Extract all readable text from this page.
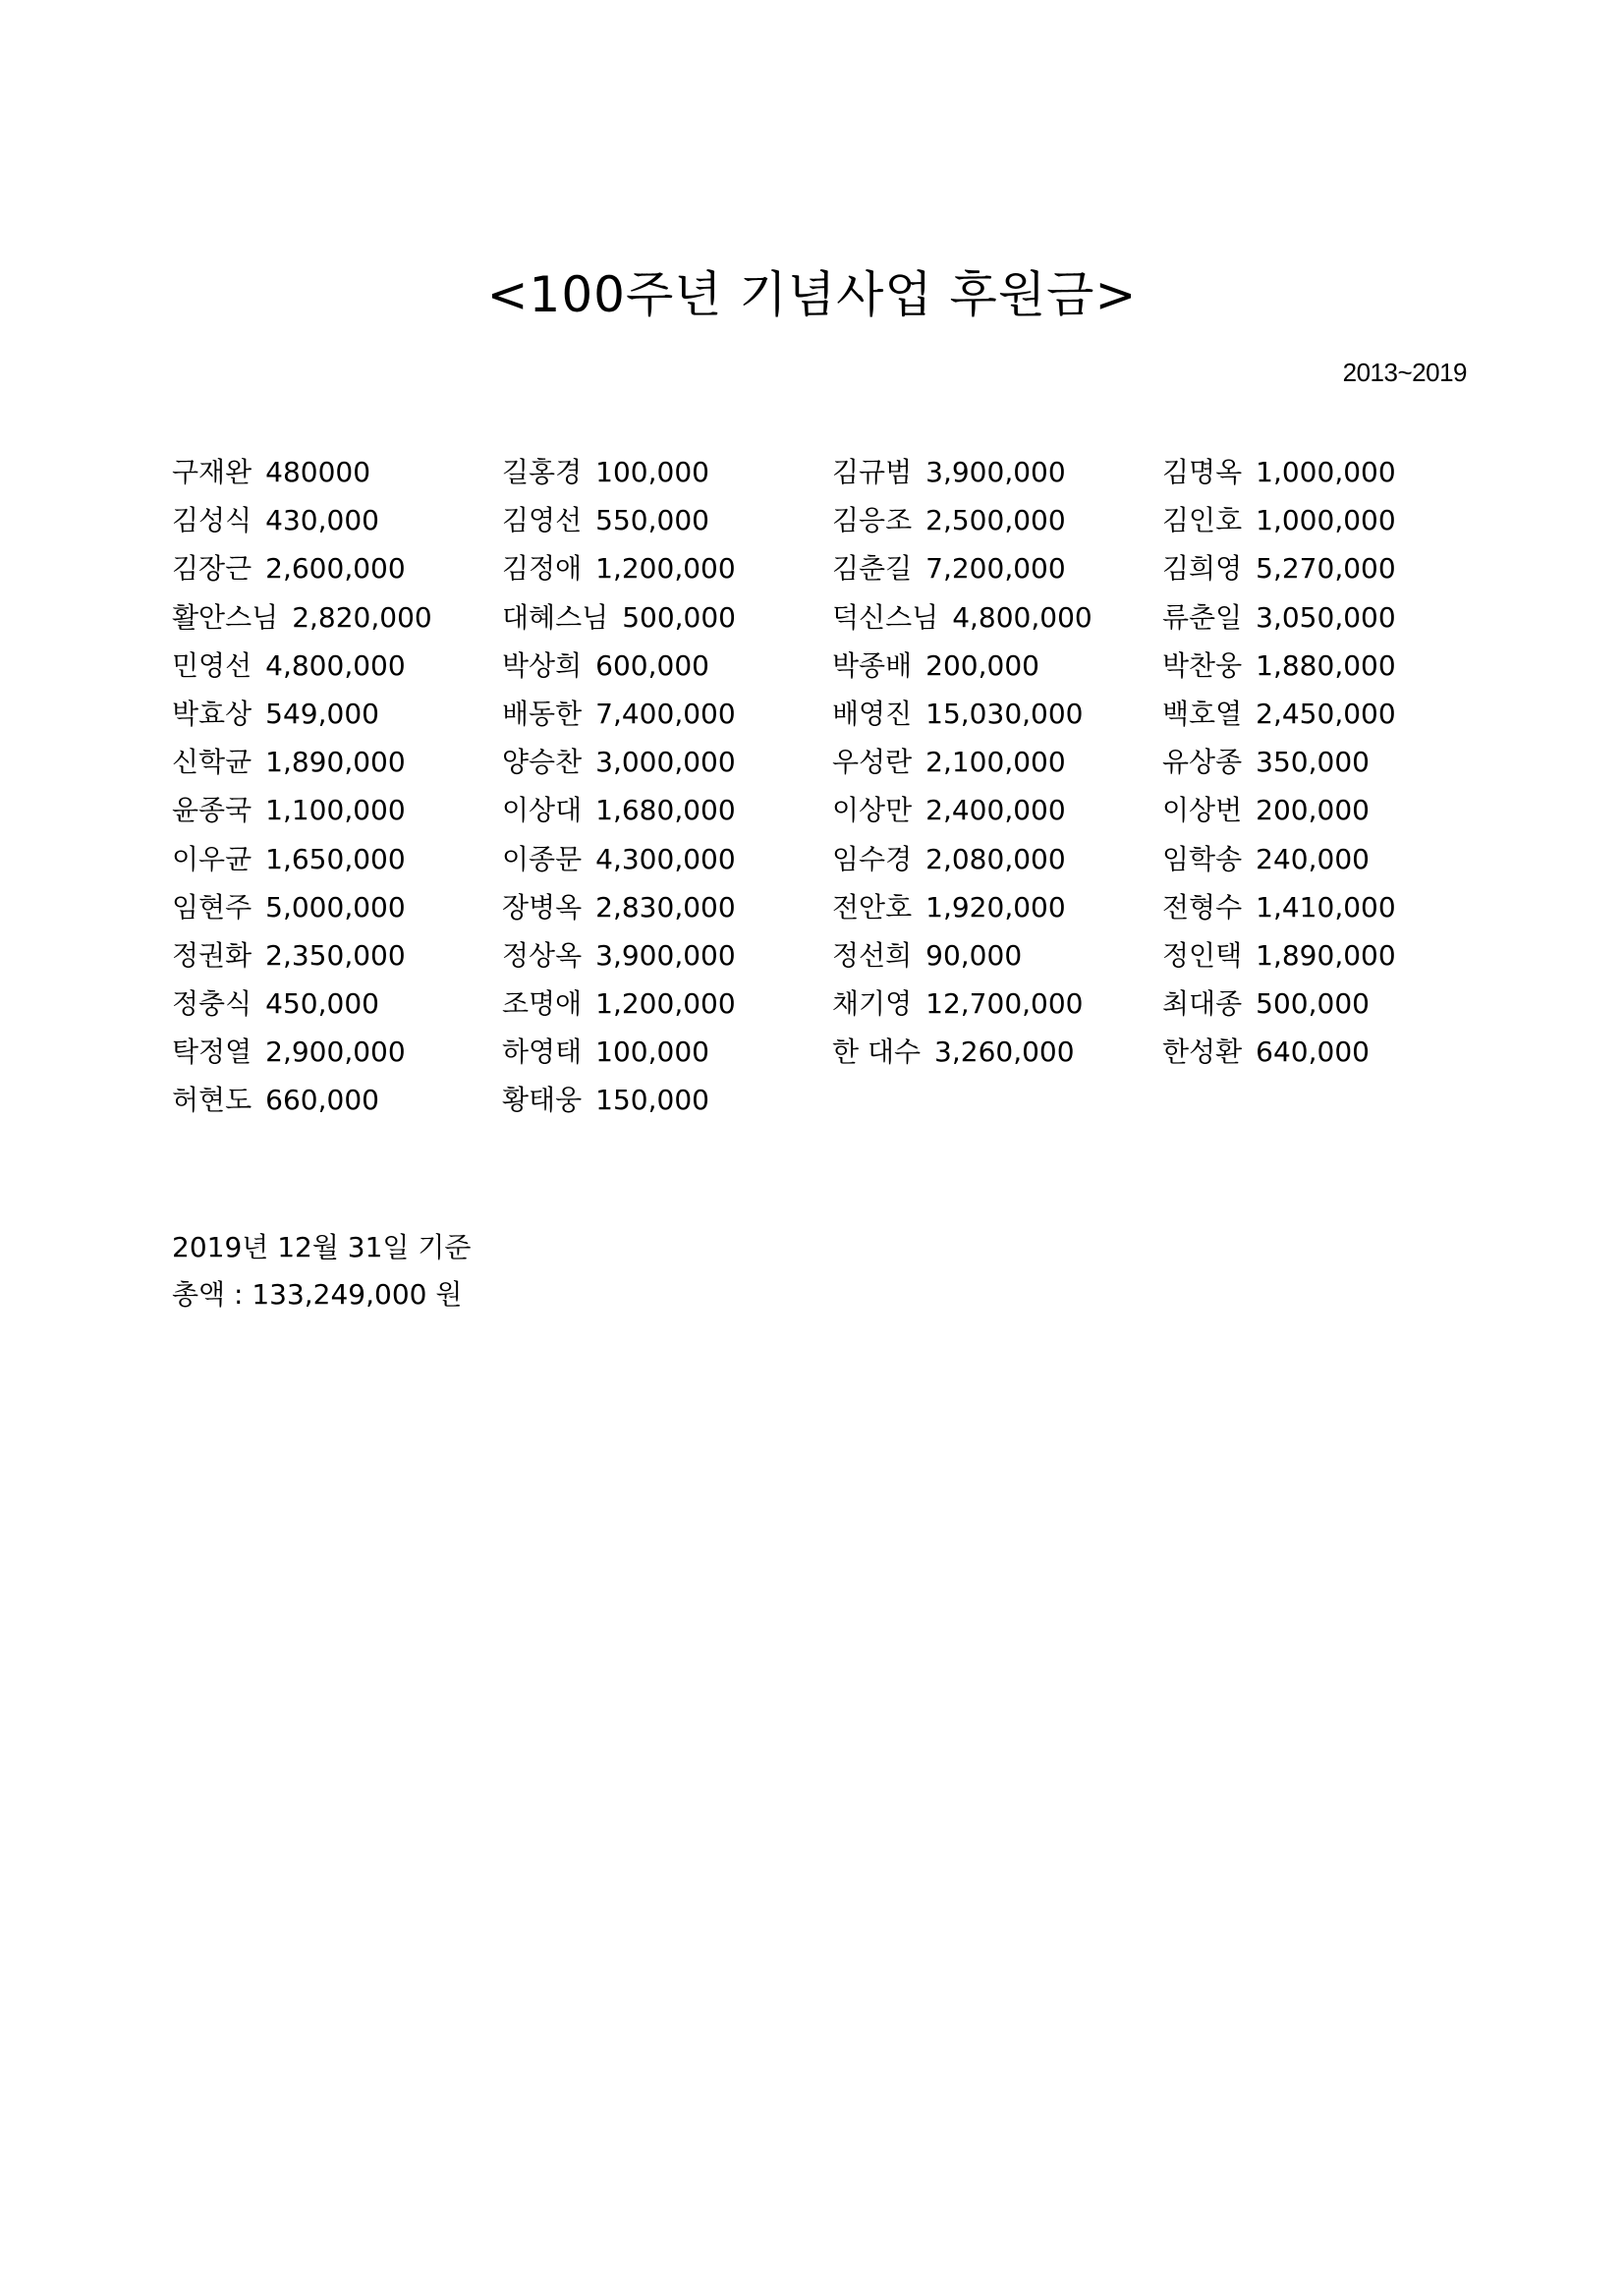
<100주년 기념사업 후원금>
2013~2019
구재완 480000	길홍경 100,000	김규범 3,900,000	김명옥 1,000,000
김성식 430,000	김영선 550,000	김응조 2,500,000	김인호 1,000,000
김장근 2,600,000	김정애 1,200,000	김춘길 7,200,000	김희영 5,270,000
활안스님 2,820,000	대혜스님 500,000	덕신스님 4,800,000	류춘일 3,050,000
민영선 4,800,000	박상희 600,000	박종배 200,000	박찬웅 1,880,000
박효상 549,000	배동한 7,400,000	배영진 15,030,000	백호열 2,450,000
신학균 1,890,000	양승찬 3,000,000	우성란 2,100,000	유상종 350,000
윤종국 1,100,000	이상대 1,680,000	이상만 2,400,000	이상번 200,000
이우균 1,650,000	이종문 4,300,000	임수경 2,080,000	임학송 240,000
임현주 5,000,000	장병옥 2,830,000	전안호 1,920,000	전형수 1,410,000
정권화 2,350,000	정상옥 3,900,000	정선희 90,000	정인택 1,890,000
정충식 450,000	조명애 1,200,000	채기영 12,700,000	최대종 500,000
탁정열 2,900,000	하영태 100,000	한 대수 3,260,000	한성환 640,000
허현도 660,000	황태웅 150,000
2019년 12월 31일 기준
총액 : 133,249,000 원
